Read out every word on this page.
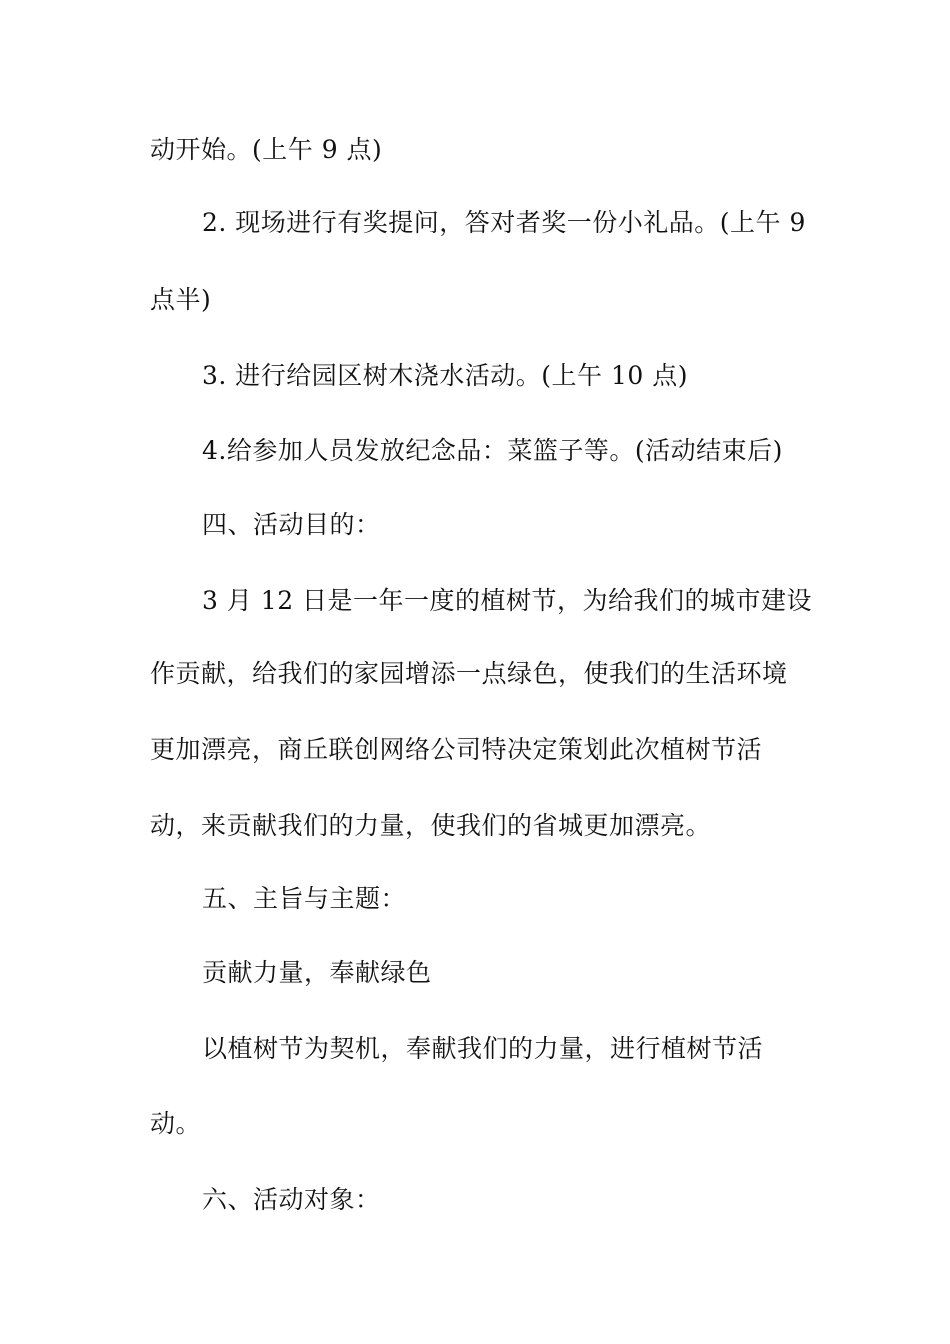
动开始。(上午 9 点)
2. 现场进行有奖提问，答对者奖一份小礼品。(上午 9
点半)
3. 进行给园区树木浇水活动。(上午 10 点)
4.给参加人员发放纪念品：菜篮子等。(活动结束后)
四、活动目的：
3 月 12 日是一年一度的植树节，为给我们的城市建设
作贡献，给我们的家园增添一点绿色，使我们的生活环境
更加漂亮，商丘联创网络公司特决定策划此次植树节活
动，来贡献我们的力量，使我们的省城更加漂亮。
五、主旨与主题：
贡献力量，奉献绿色
以植树节为契机，奉献我们的力量，进行植树节活
动。
六、活动对象：
